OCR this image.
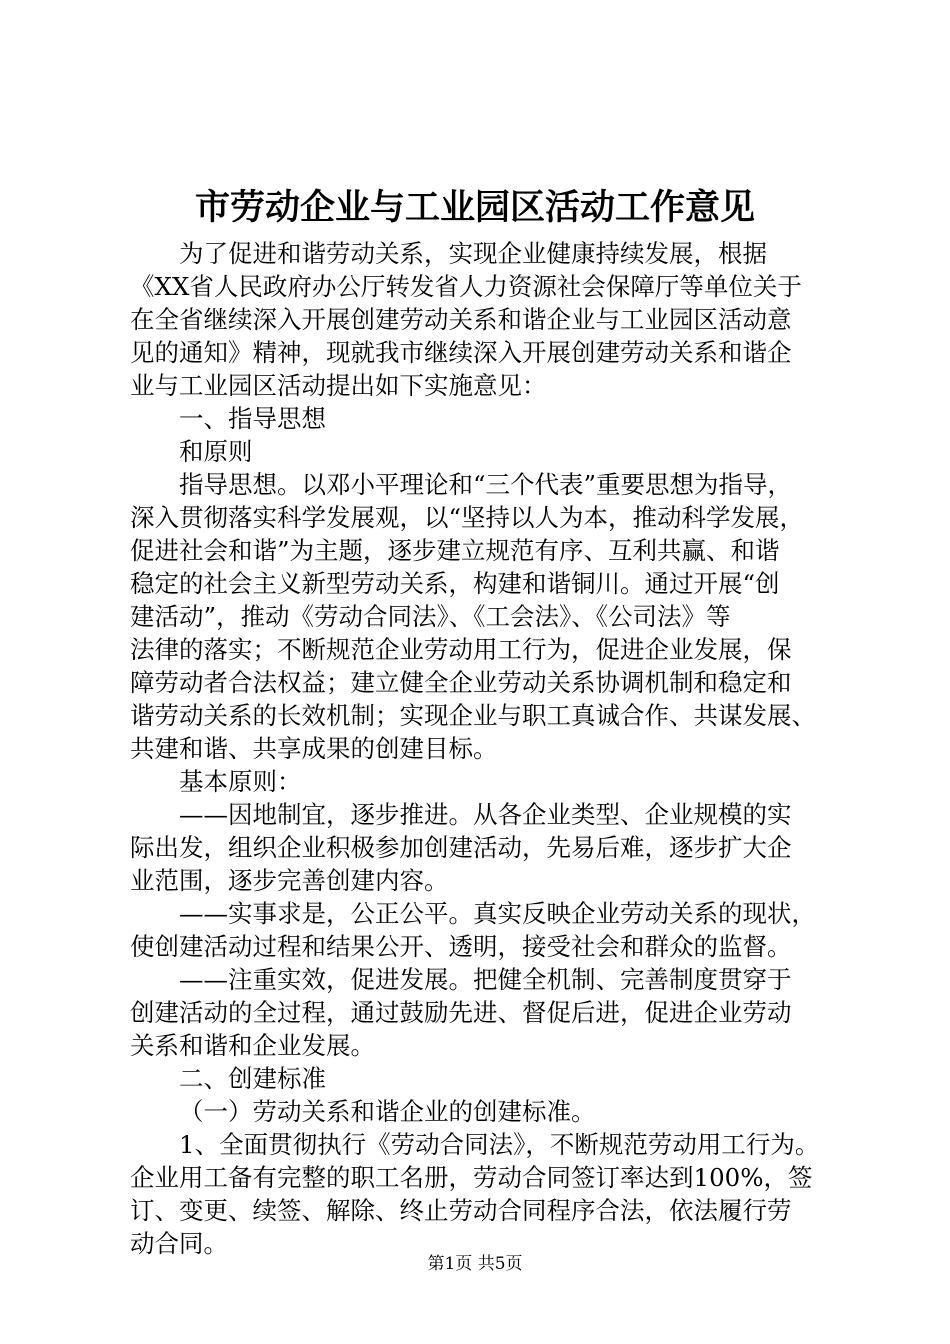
市劳动企业与工业园区活动工作意见
为了促进和谐劳动关系，实现企业健康持续发展，根据
《XX省人民政府办公厅转发省人力资源社会保障厅等单位关于
在全省继续深入开展创建劳动关系和谐企业与工业园区活动意
见的通知》精神，现就我市继续深入开展创建劳动关系和谐企
业与工业园区活动提出如下实施意见：
一、指导思想
和原则
指导思想。以邓小平理论和“三个代表”重要思想为指导，
深入贯彻落实科学发展观，以“坚持以人为本，推动科学发展，
促进社会和谐”为主题，逐步建立规范有序、互利共赢、和谐
稳定的社会主义新型劳动关系，构建和谐铜川。通过开展“创
建活动”，推动《劳动合同法》、《工会法》、《公司法》等
法律的落实；不断规范企业劳动用工行为，促进企业发展，保
障劳动者合法权益；建立健全企业劳动关系协调机制和稳定和
谐劳动关系的长效机制；实现企业与职工真诚合作、共谋发展、
共建和谐、共享成果的创建目标。
基本原则：
——因地制宜，逐步推进。从各企业类型、企业规模的实
际出发，组织企业积极参加创建活动，先易后难，逐步扩大企
业范围，逐步完善创建内容。
——实事求是，公正公平。真实反映企业劳动关系的现状，
使创建活动过程和结果公开、透明，接受社会和群众的监督。
——注重实效，促进发展。把健全机制、完善制度贯穿于
创建活动的全过程，通过鼓励先进、督促后进，促进企业劳动
关系和谐和企业发展。
二、创建标准
（一）劳动关系和谐企业的创建标准。
1、全面贯彻执行《劳动合同法》，不断规范劳动用工行为。
企业用工备有完整的职工名册，劳动合同签订率达到100%，签
订、变更、续签、解除、终止劳动合同程序合法，依法履行劳
动合同。
第1页 共5页
